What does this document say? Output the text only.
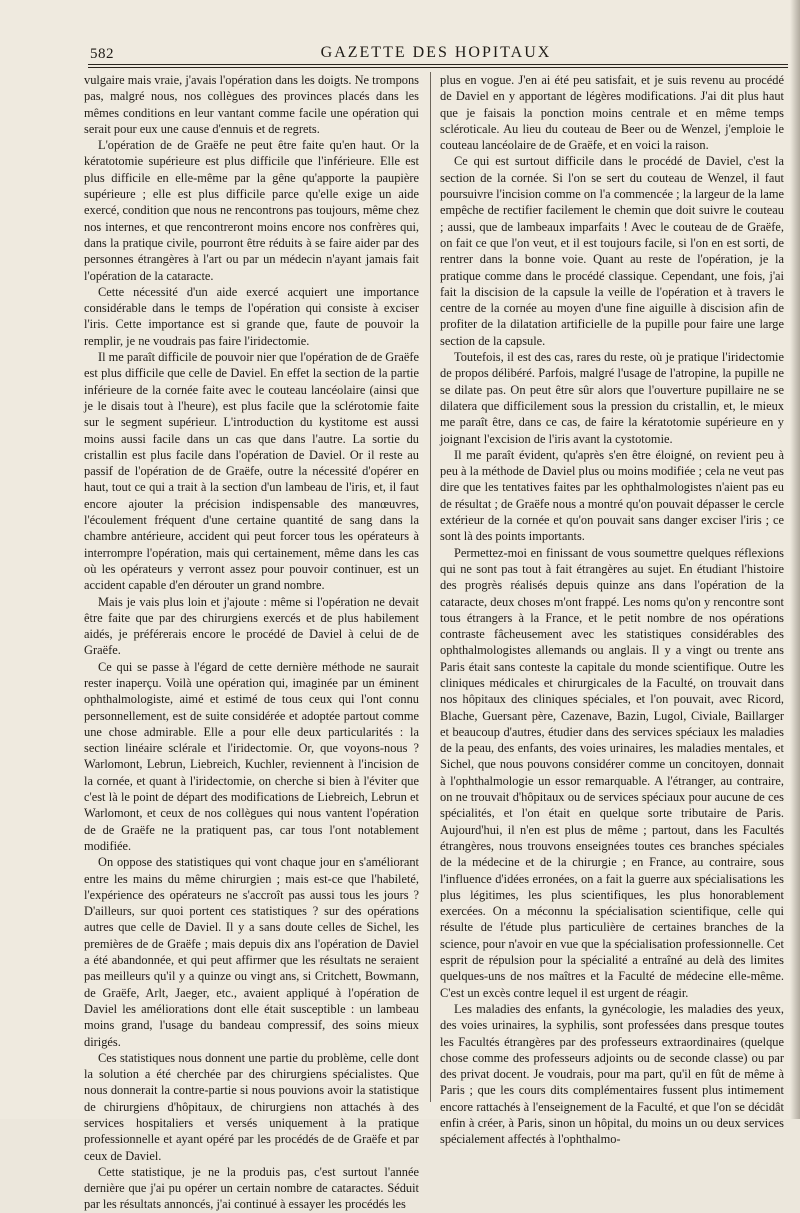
582	GAZETTE DES HOPITAUX

vulgaire mais vraie, j'avais l'opération dans les doigts. Ne trompons pas, malgré nous, nos collègues des provinces placés dans les mêmes conditions en leur vantant comme facile une opération qui serait pour eux une cause d'ennuis et de regrets.

L'opération de de Graëfe ne peut être faite qu'en haut. Or la kératotomie supérieure est plus difficile que l'inférieure. Elle est plus difficile en elle-même par la gêne qu'apporte la paupière supérieure ; elle est plus difficile parce qu'elle exige un aide exercé, condition que nous ne rencontrons pas toujours, même chez nos internes, et que rencontreront moins encore nos confrères qui, dans la pratique civile, pourront être réduits à se faire aider par des personnes étrangères à l'art ou par un médecin n'ayant jamais fait l'opération de la cataracte.

Cette nécessité d'un aide exercé acquiert une importance considérable dans le temps de l'opération qui consiste à exciser l'iris. Cette importance est si grande que, faute de pouvoir la remplir, je ne voudrais pas faire l'iridectomie.

Il me paraît difficile de pouvoir nier que l'opération de de Graëfe est plus difficile que celle de Daviel. En effet la section de la partie inférieure de la cornée faite avec le couteau lancéolaire (ainsi que je le disais tout à l'heure), est plus facile que la sclérotomie faite sur le segment supérieur. L'introduction du kystitome est aussi moins aussi facile dans un cas que dans l'autre. La sortie du cristallin est plus facile dans l'opération de Daviel. Or il reste au passif de l'opération de de Graëfe, outre la nécessité d'opérer en haut, tout ce qui a trait à la section d'un lambeau de l'iris, et, il faut encore ajouter la précision indispensable des manœuvres, l'écoulement fréquent d'une certaine quantité de sang dans la chambre antérieure, accident qui peut forcer tous les opérateurs à interrompre l'opération, mais qui certainement, même dans les cas où les opérateurs y verront assez pour pouvoir continuer, est un accident capable d'en dérouter un grand nombre.

Mais je vais plus loin et j'ajoute : même si l'opération ne devait être faite que par des chirurgiens exercés et de plus habilement aidés, je préférerais encore le procédé de Daviel à celui de de Graëfe.

Ce qui se passe à l'égard de cette dernière méthode ne saurait rester inaperçu. Voilà une opération qui, imaginée par un éminent ophthalmologiste, aimé et estimé de tous ceux qui l'ont connu personnellement, est de suite considérée et adoptée partout comme une chose admirable. Elle a pour elle deux particularités : la section linéaire sclérale et l'iridectomie. Or, que voyons-nous ? Warlomont, Lebrun, Liebreich, Kuchler, reviennent à l'incision de la cornée, et quant à l'iridectomie, on cherche si bien à l'éviter que c'est là le point de départ des modifications de Liebreich, Lebrun et Warlomont, et ceux de nos collègues qui nous vantent l'opération de de Graëfe ne la pratiquent pas, car tous l'ont notablement modifiée.

On oppose des statistiques qui vont chaque jour en s'améliorant entre les mains du même chirurgien ; mais est-ce que l'habileté, l'expérience des opérateurs ne s'accroît pas aussi tous les jours ? D'ailleurs, sur quoi portent ces statistiques ? sur des opérations autres que celle de Daviel. Il y a sans doute celles de Sichel, les premières de de Graëfe ; mais depuis dix ans l'opération de Daviel a été abandonnée, et qui peut affirmer que les résultats ne seraient pas meilleurs qu'il y a quinze ou vingt ans, si Critchett, Bowmann, de Graëfe, Arlt, Jaeger, etc., avaient appliqué à l'opération de Daviel les améliorations dont elle était susceptible : un lambeau moins grand, l'usage du bandeau compressif, des soins mieux dirigés.

Ces statistiques nous donnent une partie du problème, celle dont la solution a été cherchée par des chirurgiens spécialistes. Que nous donnerait la contre-partie si nous pouvions avoir la statistique de chirurgiens d'hôpitaux, de chirurgiens non attachés à des services hospitaliers et versés uniquement à la pratique professionnelle et ayant opéré par les procédés de de Graëfe et par ceux de Daviel.

Cette statistique, je ne la produis pas, c'est surtout l'année dernière que j'ai pu opérer un certain nombre de cataractes. Séduit par les résultats annoncés, j'ai continué à essayer les procédés les

plus en vogue. J'en ai été peu satisfait, et je suis revenu au procédé de Daviel en y apportant de légères modifications. J'ai dit plus haut que je faisais la ponction moins centrale et en même temps scléroticale. Au lieu du couteau de Beer ou de Wenzel, j'emploie le couteau lancéolaire de de Graëfe, et en voici la raison.

Ce qui est surtout difficile dans le procédé de Daviel, c'est la section de la cornée. Si l'on se sert du couteau de Wenzel, il faut poursuivre l'incision comme on l'a commencée ; la largeur de la lame empêche de rectifier facilement le chemin que doit suivre le couteau ; aussi, que de lambeaux imparfaits ! Avec le couteau de de Graëfe, on fait ce que l'on veut, et il est toujours facile, si l'on en est sorti, de rentrer dans la bonne voie. Quant au reste de l'opération, je la pratique comme dans le procédé classique. Cependant, une fois, j'ai fait la discision de la capsule la veille de l'opération et à travers le centre de la cornée au moyen d'une fine aiguille à discision afin de profiter de la dilatation artificielle de la pupille pour faire une large section de la capsule.

Toutefois, il est des cas, rares du reste, où je pratique l'iridectomie de propos délibéré. Parfois, malgré l'usage de l'atropine, la pupille ne se dilate pas. On peut être sûr alors que l'ouverture pupillaire ne se dilatera que difficilement sous la pression du cristallin, et, le mieux me paraît être, dans ce cas, de faire la kératotomie supérieure en y joignant l'excision de l'iris avant la cystotomie.

Il me paraît évident, qu'après s'en être éloigné, on revient peu à peu à la méthode de Daviel plus ou moins modifiée ; cela ne veut pas dire que les tentatives faites par les ophthalmologistes n'aient pas eu de résultat ; de Graëfe nous a montré qu'on pouvait dépasser le cercle extérieur de la cornée et qu'on pouvait sans danger exciser l'iris ; ce sont là des points importants.

Permettez-moi en finissant de vous soumettre quelques réflexions qui ne sont pas tout à fait étrangères au sujet. En étudiant l'histoire des progrès réalisés depuis quinze ans dans l'opération de la cataracte, deux choses m'ont frappé. Les noms qu'on y rencontre sont tous étrangers à la France, et le petit nombre de nos opérations contraste fâcheusement avec les statistiques considérables des ophthalmologistes allemands ou anglais. Il y a vingt ou trente ans Paris était sans conteste la capitale du monde scientifique. Outre les cliniques médicales et chirurgicales de la Faculté, on trouvait dans nos hôpitaux des cliniques spéciales, et l'on pouvait, avec Ricord, Blache, Guersant père, Cazenave, Bazin, Lugol, Civiale, Baillarger et beaucoup d'autres, étudier dans des services spéciaux les maladies de la peau, des enfants, des voies urinaires, les maladies mentales, et Sichel, que nous pouvons considérer comme un concitoyen, donnait à l'ophthalmologie un essor remarquable. A l'étranger, au contraire, on ne trouvait d'hôpitaux ou de services spéciaux pour aucune de ces spécialités, et l'on était en quelque sorte tributaire de Paris. Aujourd'hui, il n'en est plus de même ; partout, dans les Facultés étrangères, nous trouvons enseignées toutes ces branches spéciales de la médecine et de la chirurgie ; en France, au contraire, sous l'influence d'idées erronées, on a fait la guerre aux spécialisations les plus légitimes, les plus scientifiques, les plus honorablement exercées. On a méconnu la spécialisation scientifique, celle qui résulte de l'étude plus particulière de certaines branches de la science, pour n'avoir en vue que la spécialisation professionnelle. Cet esprit de répulsion pour la spécialité a entraîné au delà des limites quelques-uns de nos maîtres et la Faculté de médecine elle-même. C'est un excès contre lequel il est urgent de réagir.

Les maladies des enfants, la gynécologie, les maladies des yeux, des voies urinaires, la syphilis, sont professées dans presque toutes les Facultés étrangères par des professeurs extraordinaires (quelque chose comme des professeurs adjoints ou de seconde classe) ou par des privat docent. Je voudrais, pour ma part, qu'il en fût de même à Paris ; que les cours dits complémentaires fussent plus intimement encore rattachés à l'enseignement de la Faculté, et que l'on se décidât enfin à créer, à Paris, sinon un hôpital, du moins un ou deux services spécialement affectés à l'ophthalmo-
